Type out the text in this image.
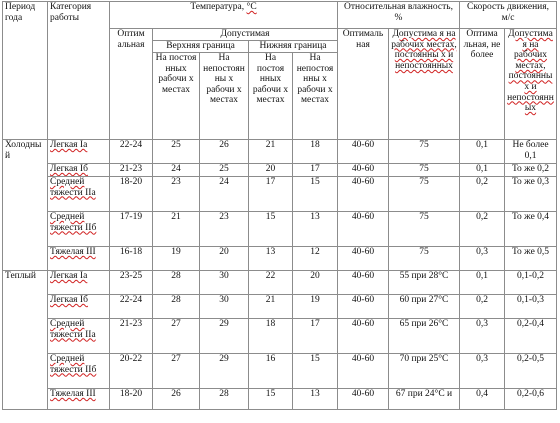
Период года	Категория работы	Температура, °С					Относительная влажность, %		Скорость движения, м/с	
		Оптим альная	Допустимая				Оптималь ная	Допустима я на рабочих местах, постоянны х и непостоянных	Оптима льная, не более	Допустима я на рабочих местах, постоянны х и непостоянных
			Верхняя граница		Нижняя граница					
			На постоя нных рабочи х местах	На непостоянны х рабочи х местах	На постоя нных рабочи х местах	На непостоянны х рабочи х местах				
Холодный	Легкая Iа	22-24	25	26	21	18	40-60	75	0,1	Не более 0,1
	Легкая Iб	21-23	24	25	20	17	40-60	75	0,1	То же 0,2
	Средней тяжести IIа	18-20	23	24	17	15	40-60	75	0,2	То же 0,3
	Средней тяжести IIб	17-19	21	23	15	13	40-60	75	0,2	То же 0,4
	Тяжелая III	16-18	19	20	13	12	40-60	75	0,3	То же 0,5
Теплый	Легкая Iа	23-25	28	30	22	20	40-60	55 при 28°С	0,1	0,1-0,2
	Легкая Iб	22-24	28	30	21	19	40-60	60 при 27°С	0,2	0,1-0,3
	Средней тяжести IIа	21-23	27	29	18	17	40-60	65 при 26°С	0,3	0,2-0,4
	Средней тяжести IIб	20-22	27	29	16	15	40-60	70 при 25°С	0,3	0,2-0,5
	Тяжелая III	18-20	26	28	15	13	40-60	67 при 24°С и	0,4	0,2-0,6
